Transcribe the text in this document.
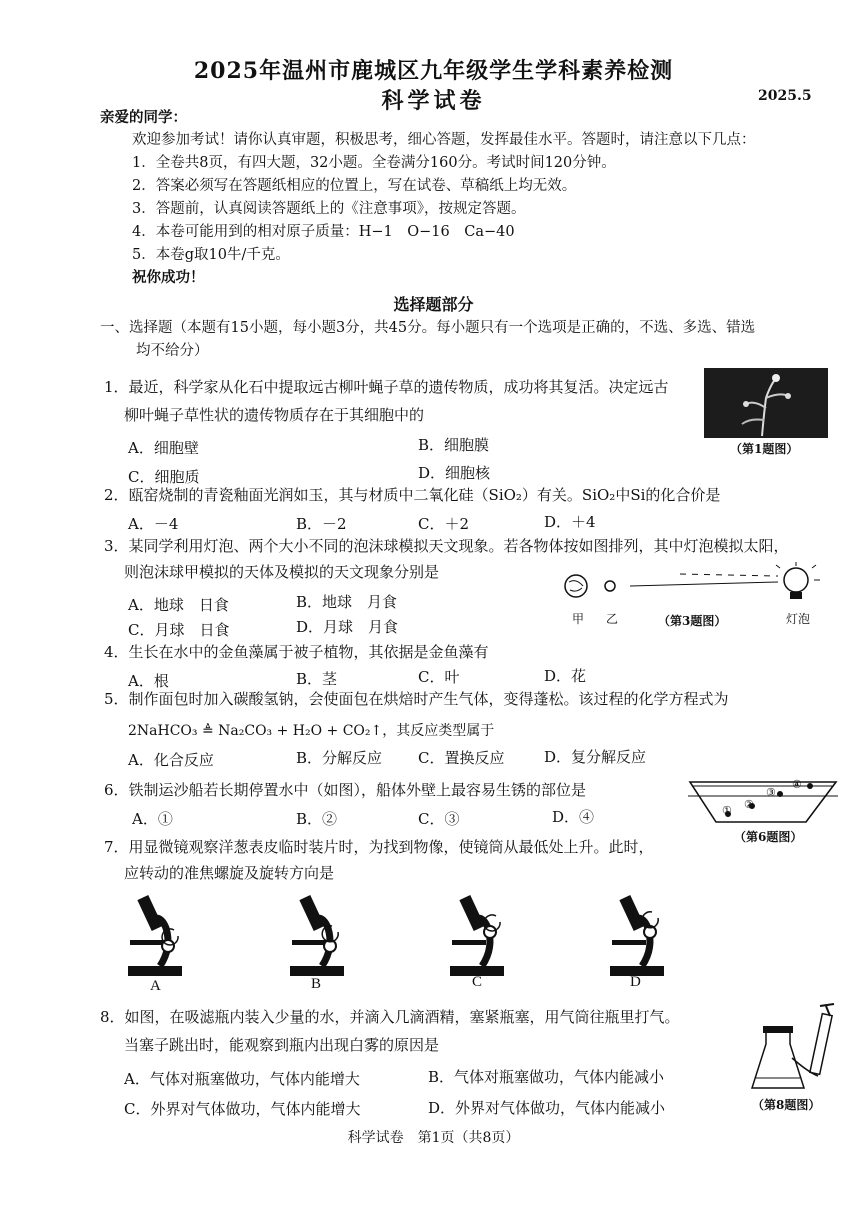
2025年温州市鹿城区九年级学生学科素养检测
科学试卷	2025.5
亲爱的同学：
欢迎参加考试！请你认真审题，积极思考，细心答题，发挥最佳水平。答题时，请注意以下几点：
1．全卷共8页，有四大题，32小题。全卷满分160分。考试时间120分钟。
2．答案必须写在答题纸相应的位置上，写在试卷、草稿纸上均无效。
3．答题前，认真阅读答题纸上的《注意事项》，按规定答题。
4．本卷可能用到的相对原子质量：H−1　O−16　Ca−40
5．本卷g取10牛/千克。
祝你成功！
选择题部分
一、选择题（本题有15小题，每小题3分，共45分。每小题只有一个选项是正确的，不选、多选、错选
均不给分）
1．最近，科学家从化石中提取远古柳叶蝇子草的遗传物质，成功将其复活。决定远古
柳叶蝇子草性状的遗传物质存在于其细胞中的
A．细胞壁	B．细胞膜
C．细胞质	D．细胞核
（第1题图）
2．瓯窑烧制的青瓷釉面光润如玉，其与材质中二氧化硅（SiO₂）有关。SiO₂中Si的化合价是
A．－4	B．－2	C．＋2	D．＋4
3．某同学利用灯泡、两个大小不同的泡沫球模拟天文现象。若各物体按如图排列，其中灯泡模拟太阳，
则泡沫球甲模拟的天体及模拟的天文现象分别是
A．地球　日食	B．地球　月食
C．月球　日食	D．月球　月食	甲 乙	（第3题图）	灯泡
4．生长在水中的金鱼藻属于被子植物，其依据是金鱼藻有
A．根	B．茎	C．叶	D．花
5．制作面包时加入碳酸氢钠，会使面包在烘焙时产生气体，变得蓬松。该过程的化学方程式为
2NaHCO₃ ≜ Na₂CO₃ + H₂O + CO₂↑，其反应类型属于
A．化合反应	B．分解反应 C．置换反应	D．复分解反应
6．铁制运沙船若长期停置水中（如图），船体外壁上最容易生锈的部位是
A．①	B．②	C．③	D．④	① ②
③
④
（第6题图）
7．用显微镜观察洋葱表皮临时装片时，为找到物像，使镜筒从最低处上升。此时，
应转动的准焦螺旋及旋转方向是
A	B	C	D
8．如图，在吸滤瓶内装入少量的水，并滴入几滴酒精，塞紧瓶塞，用气筒往瓶里打气。
当塞子跳出时，能观察到瓶内出现白雾的原因是
A．气体对瓶塞做功，气体内能增大	B．气体对瓶塞做功，气体内能减小
C．外界对气体做功，气体内能增大	D．外界对气体做功，气体内能减小	（第8题图）
科学试卷　第1页（共8页）
